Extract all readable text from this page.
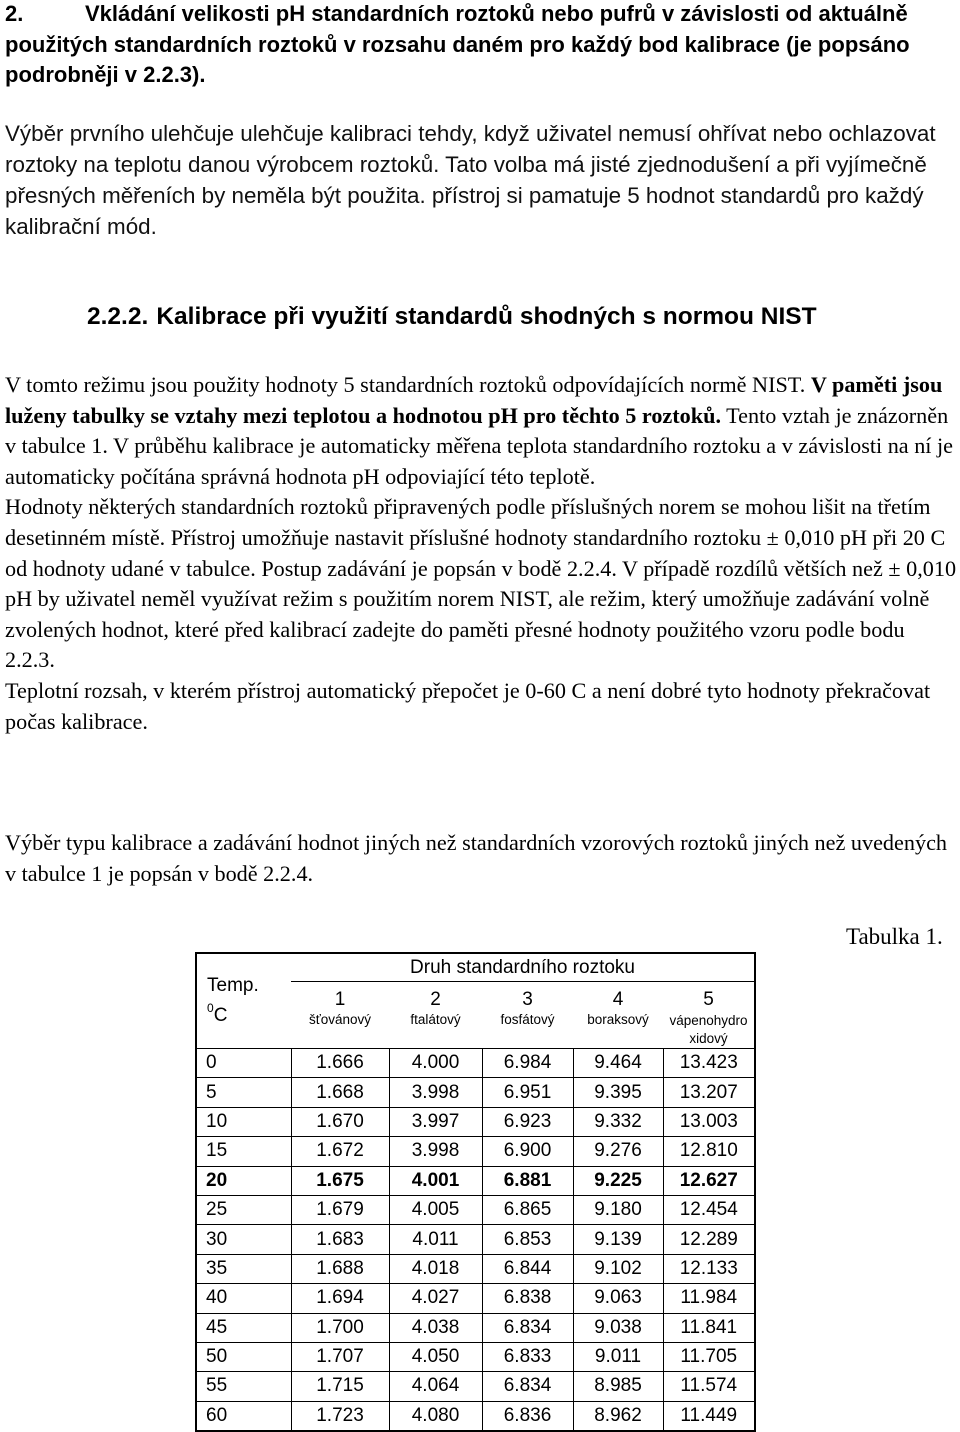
2.	Vkládání velikosti pH standardních roztoků nebo pufrů v závislosti od aktuálně použitých standardních roztoků v rozsahu daném pro každý bod kalibrace (je popsáno podrobněji v 2.2.3).

Výběr prvního ulehčuje ulehčuje kalibraci tehdy, když uživatel nemusí ohřívat nebo ochlazovat roztoky na teplotu danou výrobcem roztoků. Tato volba má jisté zjednodušení a při vyjímečně přesných měřeních by neměla být použita. přístroj si pamatuje 5 hodnot standardů pro každý kalibrační mód.

2.2.2. Kalibrace při využití standardů shodných s normou NIST

V tomto režimu jsou použity hodnoty 5 standardních roztoků odpovídajících normě NIST. V paměti jsou luženy tabulky se vztahy mezi teplotou a hodnotou pH pro těchto 5 roztoků. Tento vztah je znázorněn v tabulce 1. V průběhu kalibrace je automaticky měřena teplota standardního roztoku a v závislosti na ní je automaticky počítána správná hodnota pH odpoviající této teplotě.

Hodnoty některých standardních roztoků připravených podle příslušných norem se mohou lišit na třetím desetinném místě. Přístroj umožňuje nastavit příslušné hodnoty standardního roztoku ± 0,010 pH při 20 C od hodnoty udané v tabulce. Postup zadávání je popsán v bodě 2.2.4. V případě rozdílů větších než ± 0,010 pH by uživatel neměl využívat režim s použitím norem NIST, ale režim, který umožňuje zadávání volně zvolených hodnot, které před kalibrací zadejte do paměti přesné hodnoty použitého vzoru podle bodu 2.2.3.

Teplotní rozsah, v kterém přístroj automatický přepočet je 0-60 C a není dobré tyto hodnoty překračovat počas kalibrace.

Výběr typu kalibrace a zadávání hodnot jiných než standardních vzorových roztoků jiných než uvedených v tabulce 1 je popsán v bodě 2.2.4.

Tabulka 1.
Temp.
$^0$C	Druh standardního roztoku				
	1	2	3	4	5
	šťovánový	ftalátový	fosfátový	boraksový	vápenohydro xidový
0	1.666	4.000	6.984	9.464	13.423
5	1.668	3.998	6.951	9.395	13.207
10	1.670	3.997	6.923	9.332	13.003
15	1.672	3.998	6.900	9.276	12.810
20	1.675	4.001	6.881	9.225	12.627
25	1.679	4.005	6.865	9.180	12.454
30	1.683	4.011	6.853	9.139	12.289
35	1.688	4.018	6.844	9.102	12.133
40	1.694	4.027	6.838	9.063	11.984
45	1.700	4.038	6.834	9.038	11.841
50	1.707	4.050	6.833	9.011	11.705
55	1.715	4.064	6.834	8.985	11.574
60	1.723	4.080	6.836	8.962	11.449
